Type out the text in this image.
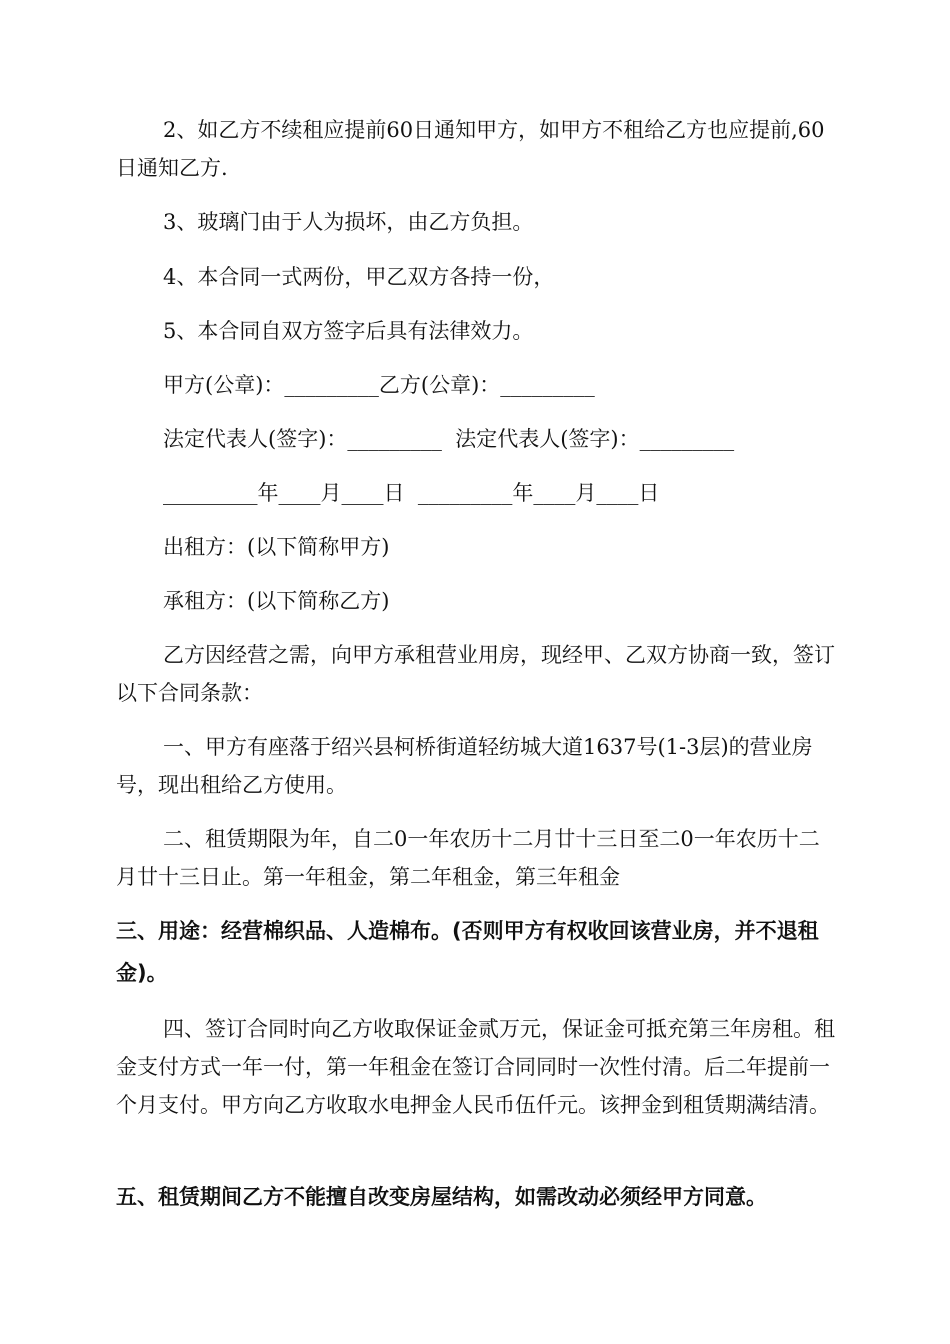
2、如乙方不续租应提前60日通知甲方，如甲方不租给乙方也应提前,60日通知乙方.

3、玻璃门由于人为损坏，由乙方负担。

4、本合同一式两份，甲乙双方各持一份，

5、本合同自双方签字后具有法律效力。

甲方(公章)：_________乙方(公章)：_________

法定代表人(签字)：_________  法定代表人(签字)：_________

_________年____月____日  _________年____月____日

出租方：(以下简称甲方)

承租方：(以下简称乙方)

乙方因经营之需，向甲方承租营业用房，现经甲、乙双方协商一致，签订以下合同条款：

一、甲方有座落于绍兴县柯桥街道轻纺城大道1637号(1-3层)的营业房号，现出租给乙方使用。

二、租赁期限为年，自二0一年农历十二月廿十三日至二0一年农历十二月廿十三日止。第一年租金，第二年租金，第三年租金

三、用途：经营棉织品、人造棉布。(否则甲方有权收回该营业房，并不退租金)。

四、签订合同时向乙方收取保证金贰万元，保证金可抵充第三年房租。租金支付方式一年一付，第一年租金在签订合同同时一次性付清。后二年提前一个月支付。甲方向乙方收取水电押金人民币伍仟元。该押金到租赁期满结清。

五、租赁期间乙方不能擅自改变房屋结构，如需改动必须经甲方同意。
